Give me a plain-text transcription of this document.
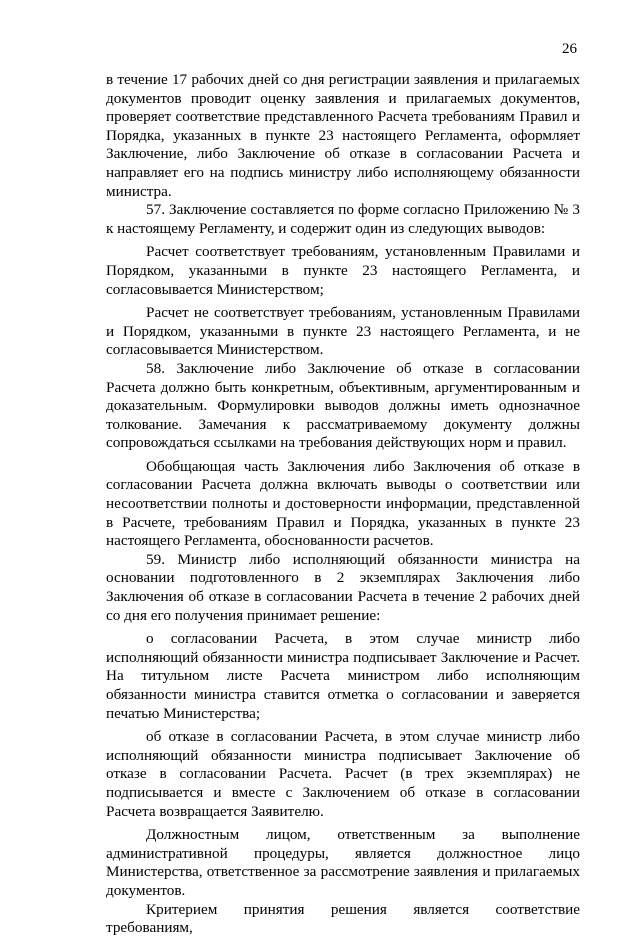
26

в течение 17 рабочих дней со дня регистрации заявления и прилагаемых документов проводит оценку заявления и прилагаемых документов, проверяет соответствие представленного Расчета требованиям Правил и Порядка, указанных в пункте 23 настоящего Регламента, оформляет Заключение, либо Заключение об отказе в согласовании Расчета и направляет его на подпись министру либо исполняющему обязанности министра.

57. Заключение составляется по форме согласно Приложению № 3 к настоящему Регламенту, и содержит один из следующих выводов:

Расчет соответствует требованиям, установленным Правилами и Порядком, указанными в пункте 23 настоящего Регламента, и согласовывается Министерством;

Расчет не соответствует требованиям, установленным Правилами и Порядком, указанными в пункте 23 настоящего Регламента, и не согласовывается Министерством.

58. Заключение либо Заключение об отказе в согласовании Расчета должно быть конкретным, объективным, аргументированным и доказательным. Формулировки выводов должны иметь однозначное толкование. Замечания к рассматриваемому документу должны сопровождаться ссылками на требования действующих норм и правил.

Обобщающая часть Заключения либо Заключения об отказе в согласовании Расчета должна включать выводы о соответствии или несоответствии полноты и достоверности информации, представленной в Расчете, требованиям Правил и Порядка, указанных в пункте 23 настоящего Регламента, обоснованности расчетов.

59. Министр либо исполняющий обязанности министра на основании подготовленного в 2 экземплярах Заключения либо Заключения об отказе в согласовании Расчета в течение 2 рабочих дней со дня его получения принимает решение:

о согласовании Расчета, в этом случае министр либо исполняющий обязанности министра подписывает Заключение и Расчет. На титульном листе Расчета министром либо исполняющим обязанности министра ставится отметка о согласовании и заверяется печатью Министерства;

об отказе в согласовании Расчета, в этом случае министр либо исполняющий обязанности министра подписывает Заключение об отказе в согласовании Расчета. Расчет (в трех экземплярах) не подписывается и вместе с Заключением об отказе в согласовании Расчета возвращается Заявителю.

Должностным лицом, ответственным за выполнение административной процедуры, является должностное лицо Министерства, ответственное за рассмотрение заявления и прилагаемых документов.

Критерием принятия решения является соответствие требованиям,
